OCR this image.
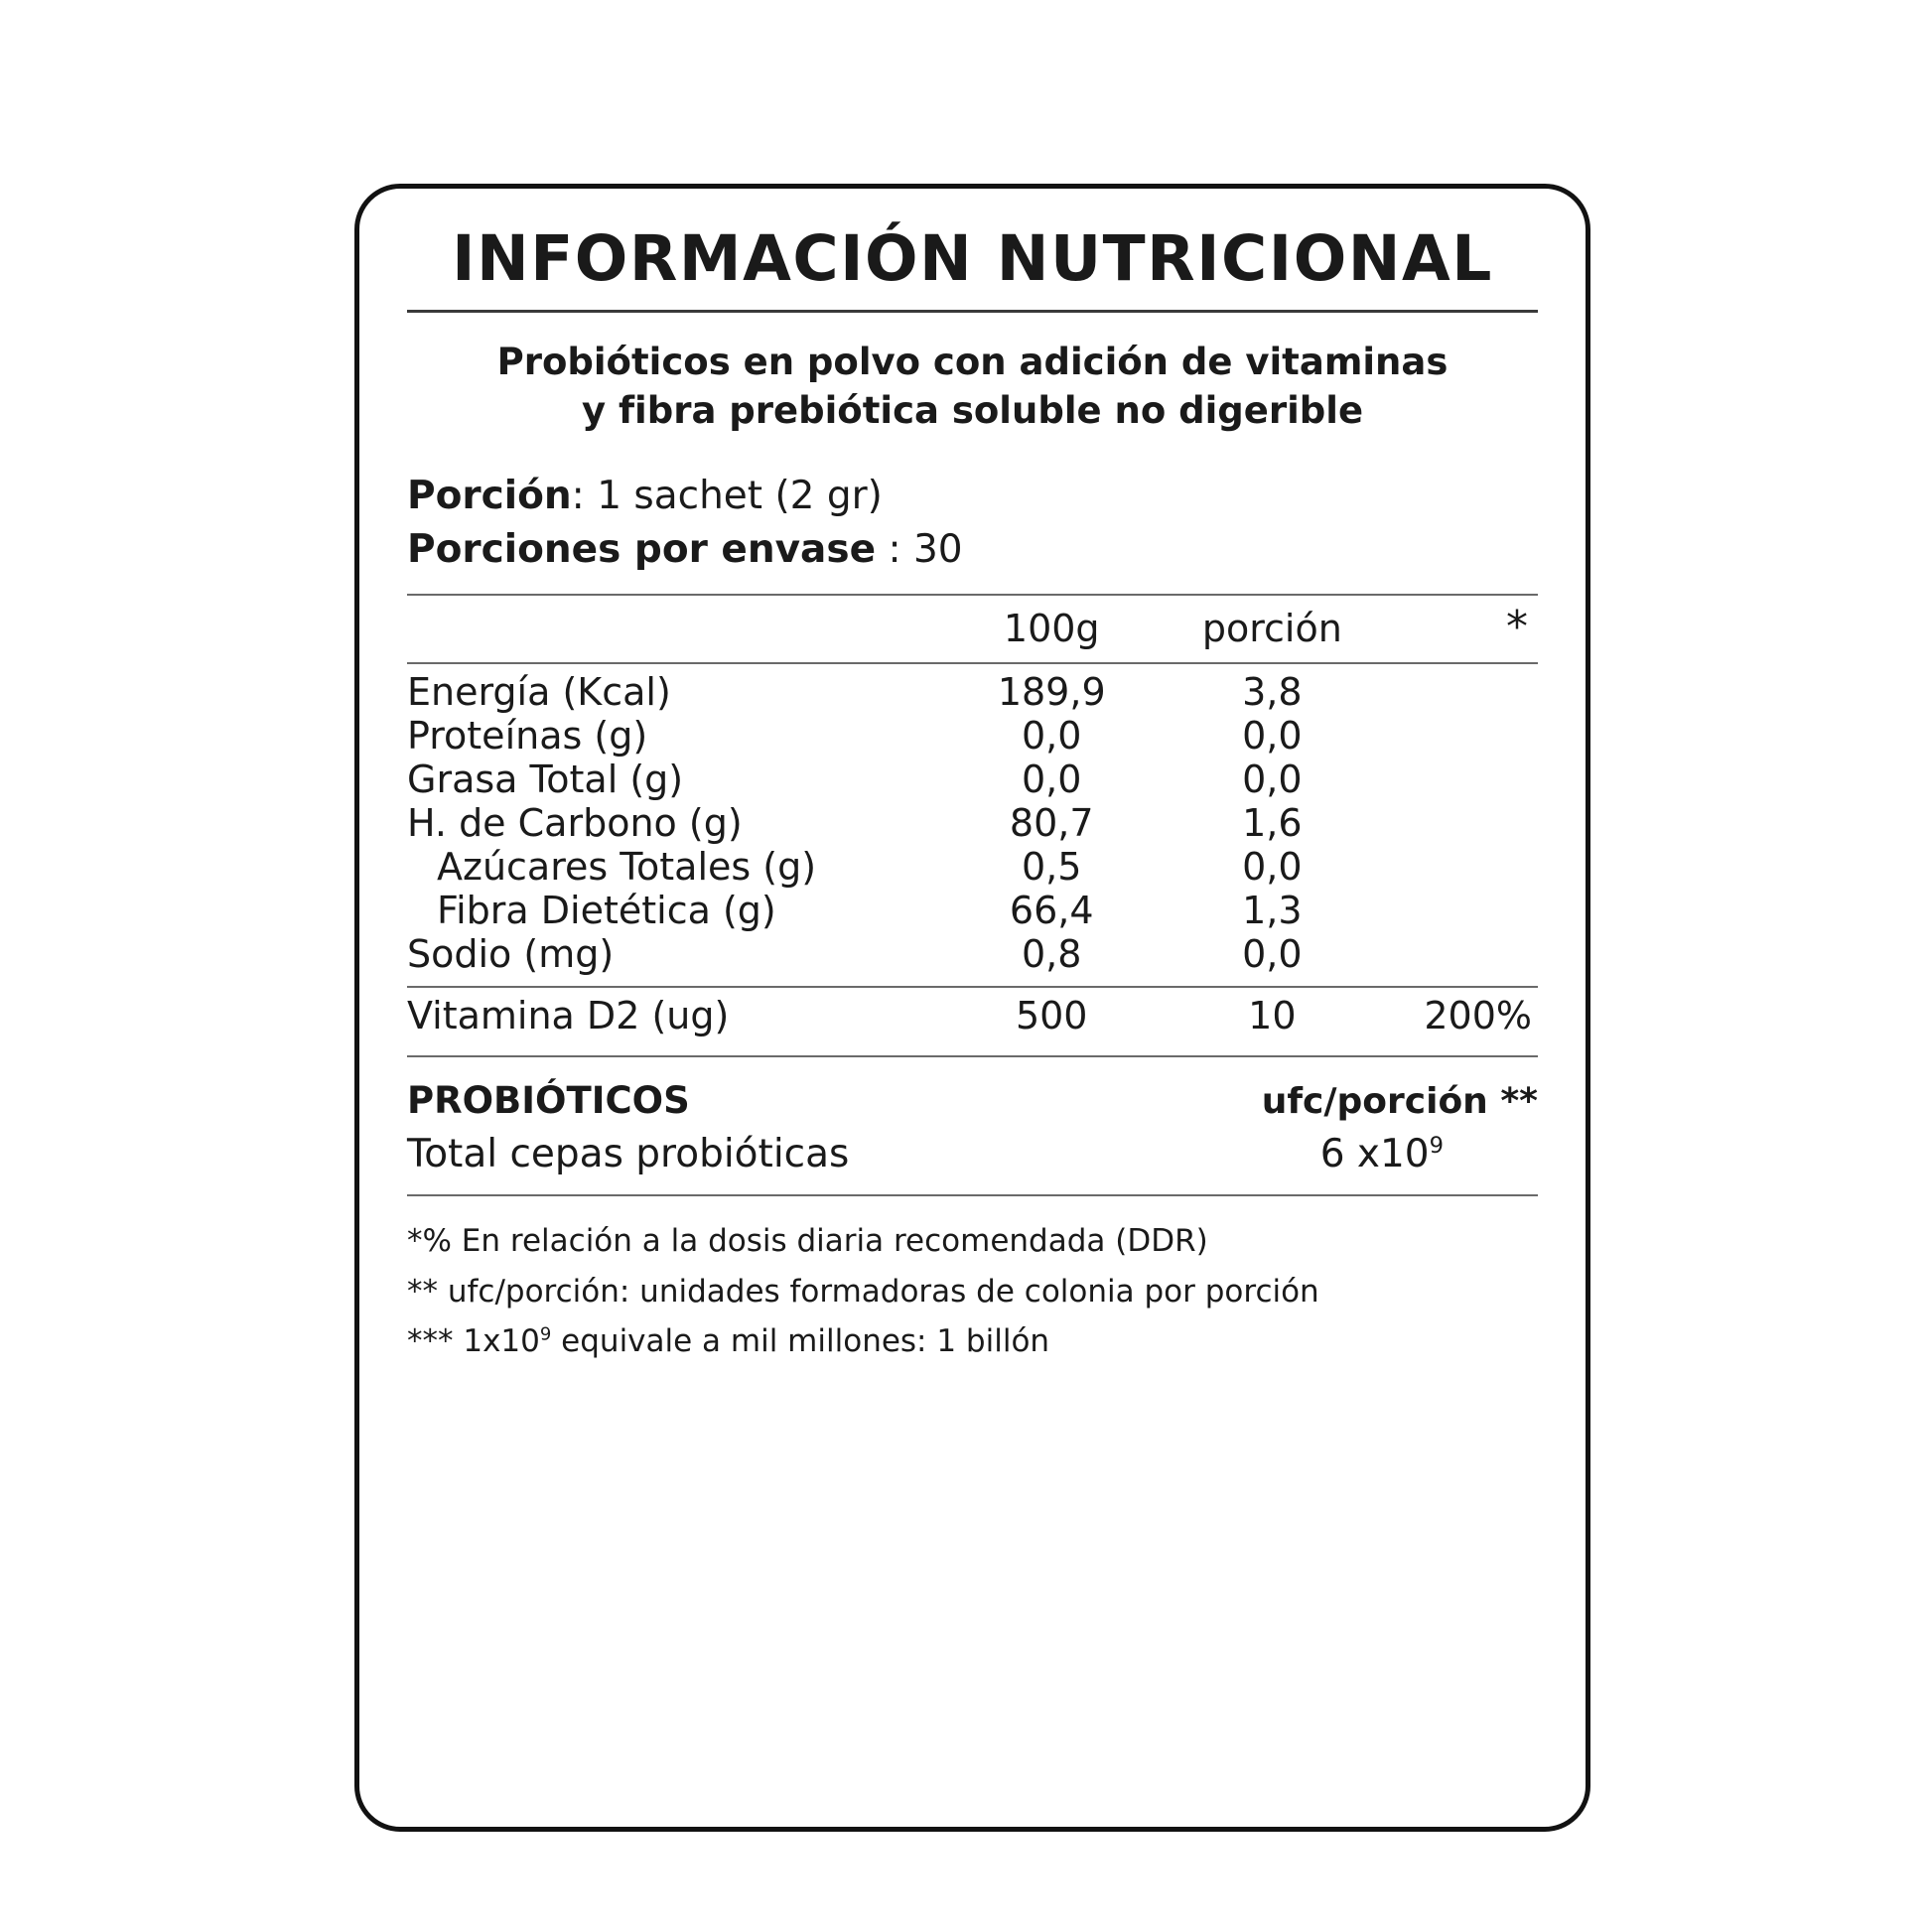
INFORMACIÓN NUTRICIONAL
Probióticos en polvo con adición de vitaminas
y fibra prebiótica soluble no digerible
Porción: 1 sachet (2 gr)
Porciones por envase : 30
	100g	porción	*

Energía (Kcal)	189,9	3,8	
Proteínas (g)	0,0	0,0	
Grasa Total (g)	0,0	0,0	
H. de Carbono (g)	80,7	1,6	
Azúcares Totales (g)	0,5	0,0	
Fibra Dietética (g)	66,4	1,3	
Sodio (mg)	0,8	0,0	

Vitamina D2 (ug)	500	10	200%
PROBIÓTICOS	ufc/porción **
Total cepas probióticas	6 $x10^9$
*% En relación a la dosis diaria recomendada (DDR)
** ufc/porción: unidades formadoras de colonia por porción
*** $1x10^9$ equivale a mil millones: 1 billón
